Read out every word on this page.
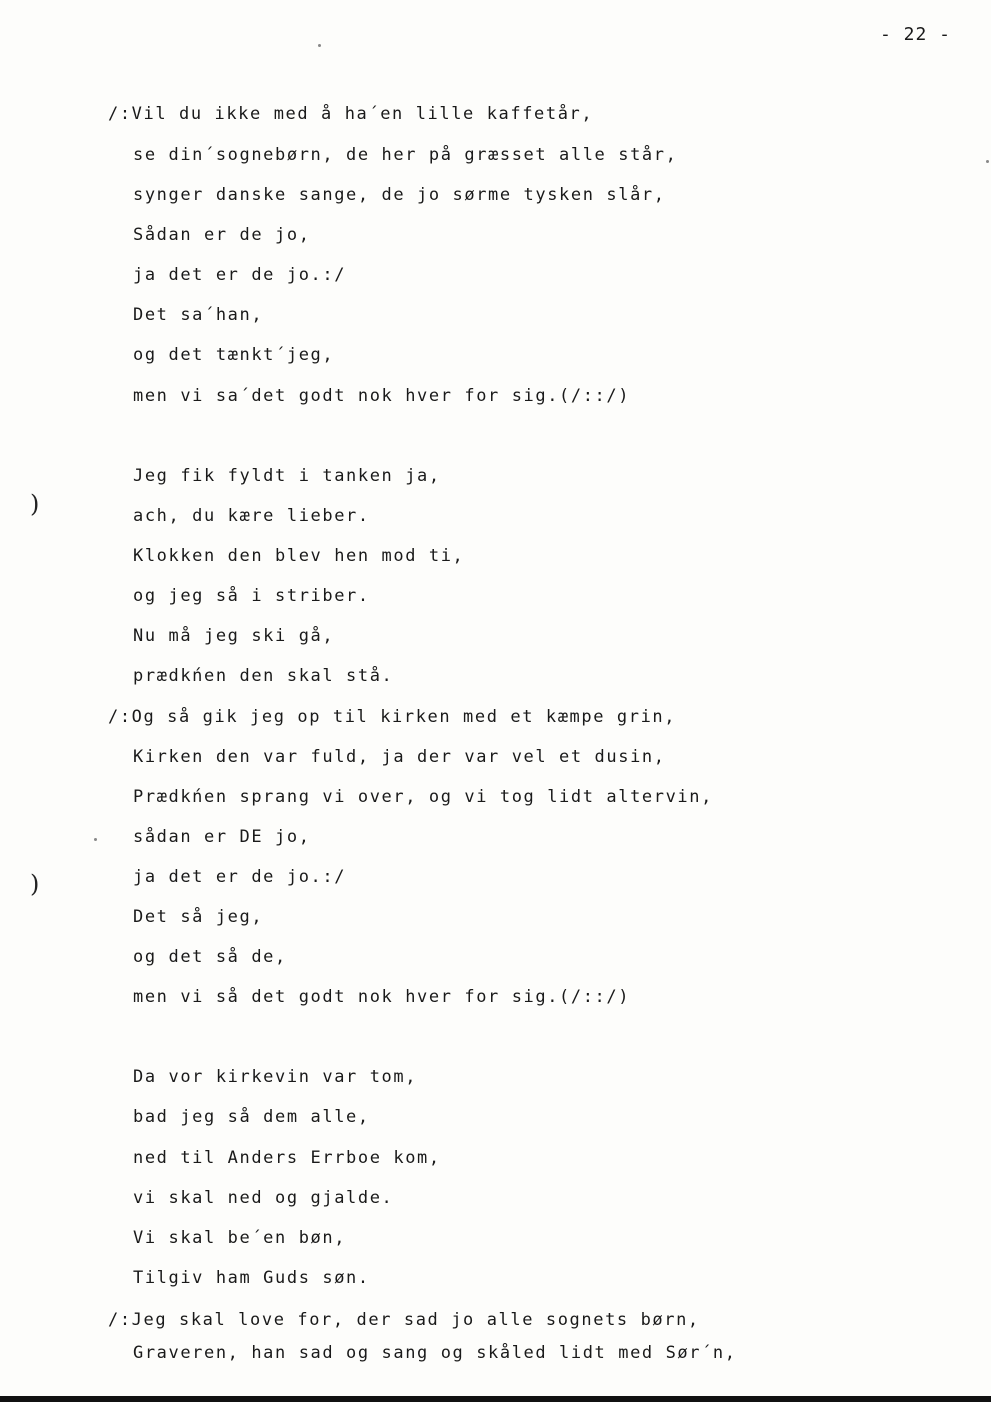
- 22 -
/:Vil du ikke med å ha´en lille kaffetår,
se din´sognebørn, de her på græsset alle står,
synger danske sange, de jo sørme tysken slår,
Sådan er de jo,
ja det er de jo.:/
Det sa´han,
og det tænkt´jeg,
men vi sa´det godt nok hver for sig.(/::/)
Jeg fik fyldt i tanken ja,
ach, du kære lieber.
Klokken den blev hen mod ti,
og jeg så i striber.
Nu må jeg ski gå,
prædkńen den skal stå.
/:Og så gik jeg op til kirken med et kæmpe grin,
Kirken den var fuld, ja der var vel et dusin,
Prædkńen sprang vi over, og vi tog lidt altervin,
sådan er DE jo,
ja det er de jo.:/
Det så jeg,
og det så de,
men vi så det godt nok hver for sig.(/::/)
Da vor kirkevin var tom,
bad jeg så dem alle,
ned til Anders Errboe kom,
vi skal ned og gjalde.
Vi skal be´en bøn,
Tilgiv ham Guds søn.
/:Jeg skal love for, der sad jo alle sognets børn,
Graveren, han sad og sang og skåled lidt med Sør´n,
)
)
